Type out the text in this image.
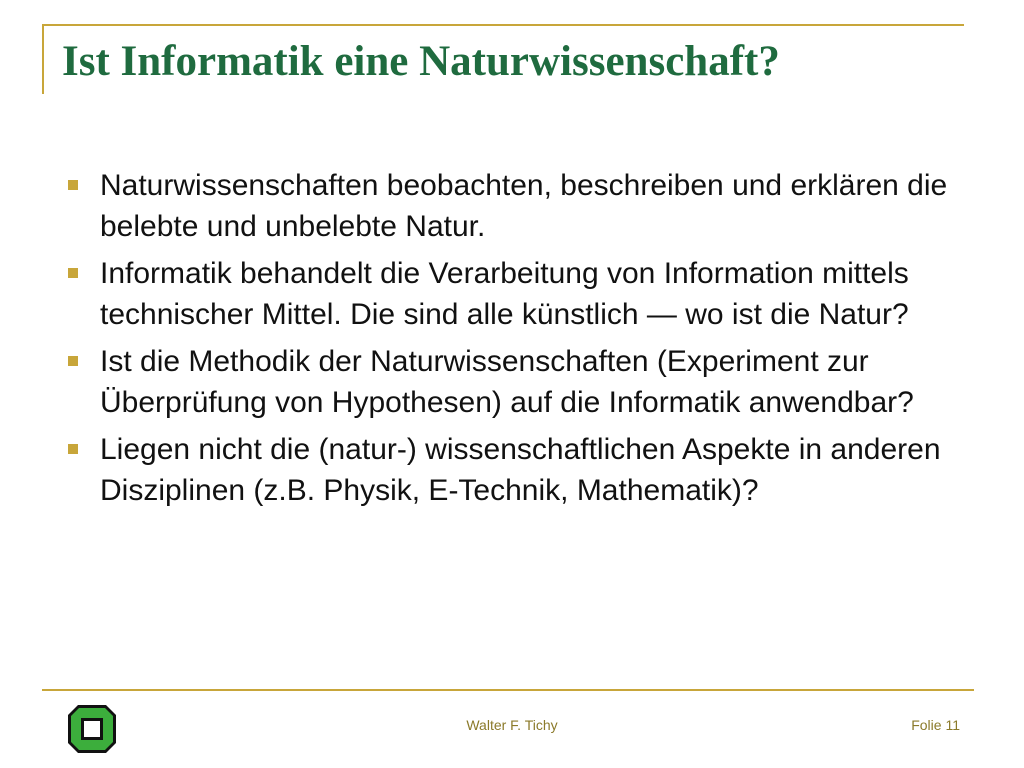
Ist Informatik eine Naturwissenschaft?
Naturwissenschaften beobachten, beschreiben und erklären die belebte und unbelebte Natur.
Informatik behandelt die Verarbeitung von Information mittels technischer Mittel. Die sind alle künstlich — wo ist die Natur?
Ist die Methodik der Naturwissenschaften (Experiment zur Überprüfung von Hypothesen) auf die Informatik anwendbar?
Liegen nicht die (natur-) wissenschaftlichen Aspekte in anderen Disziplinen (z.B. Physik, E-Technik, Mathematik)?
Walter F. Tichy	Folie 11
